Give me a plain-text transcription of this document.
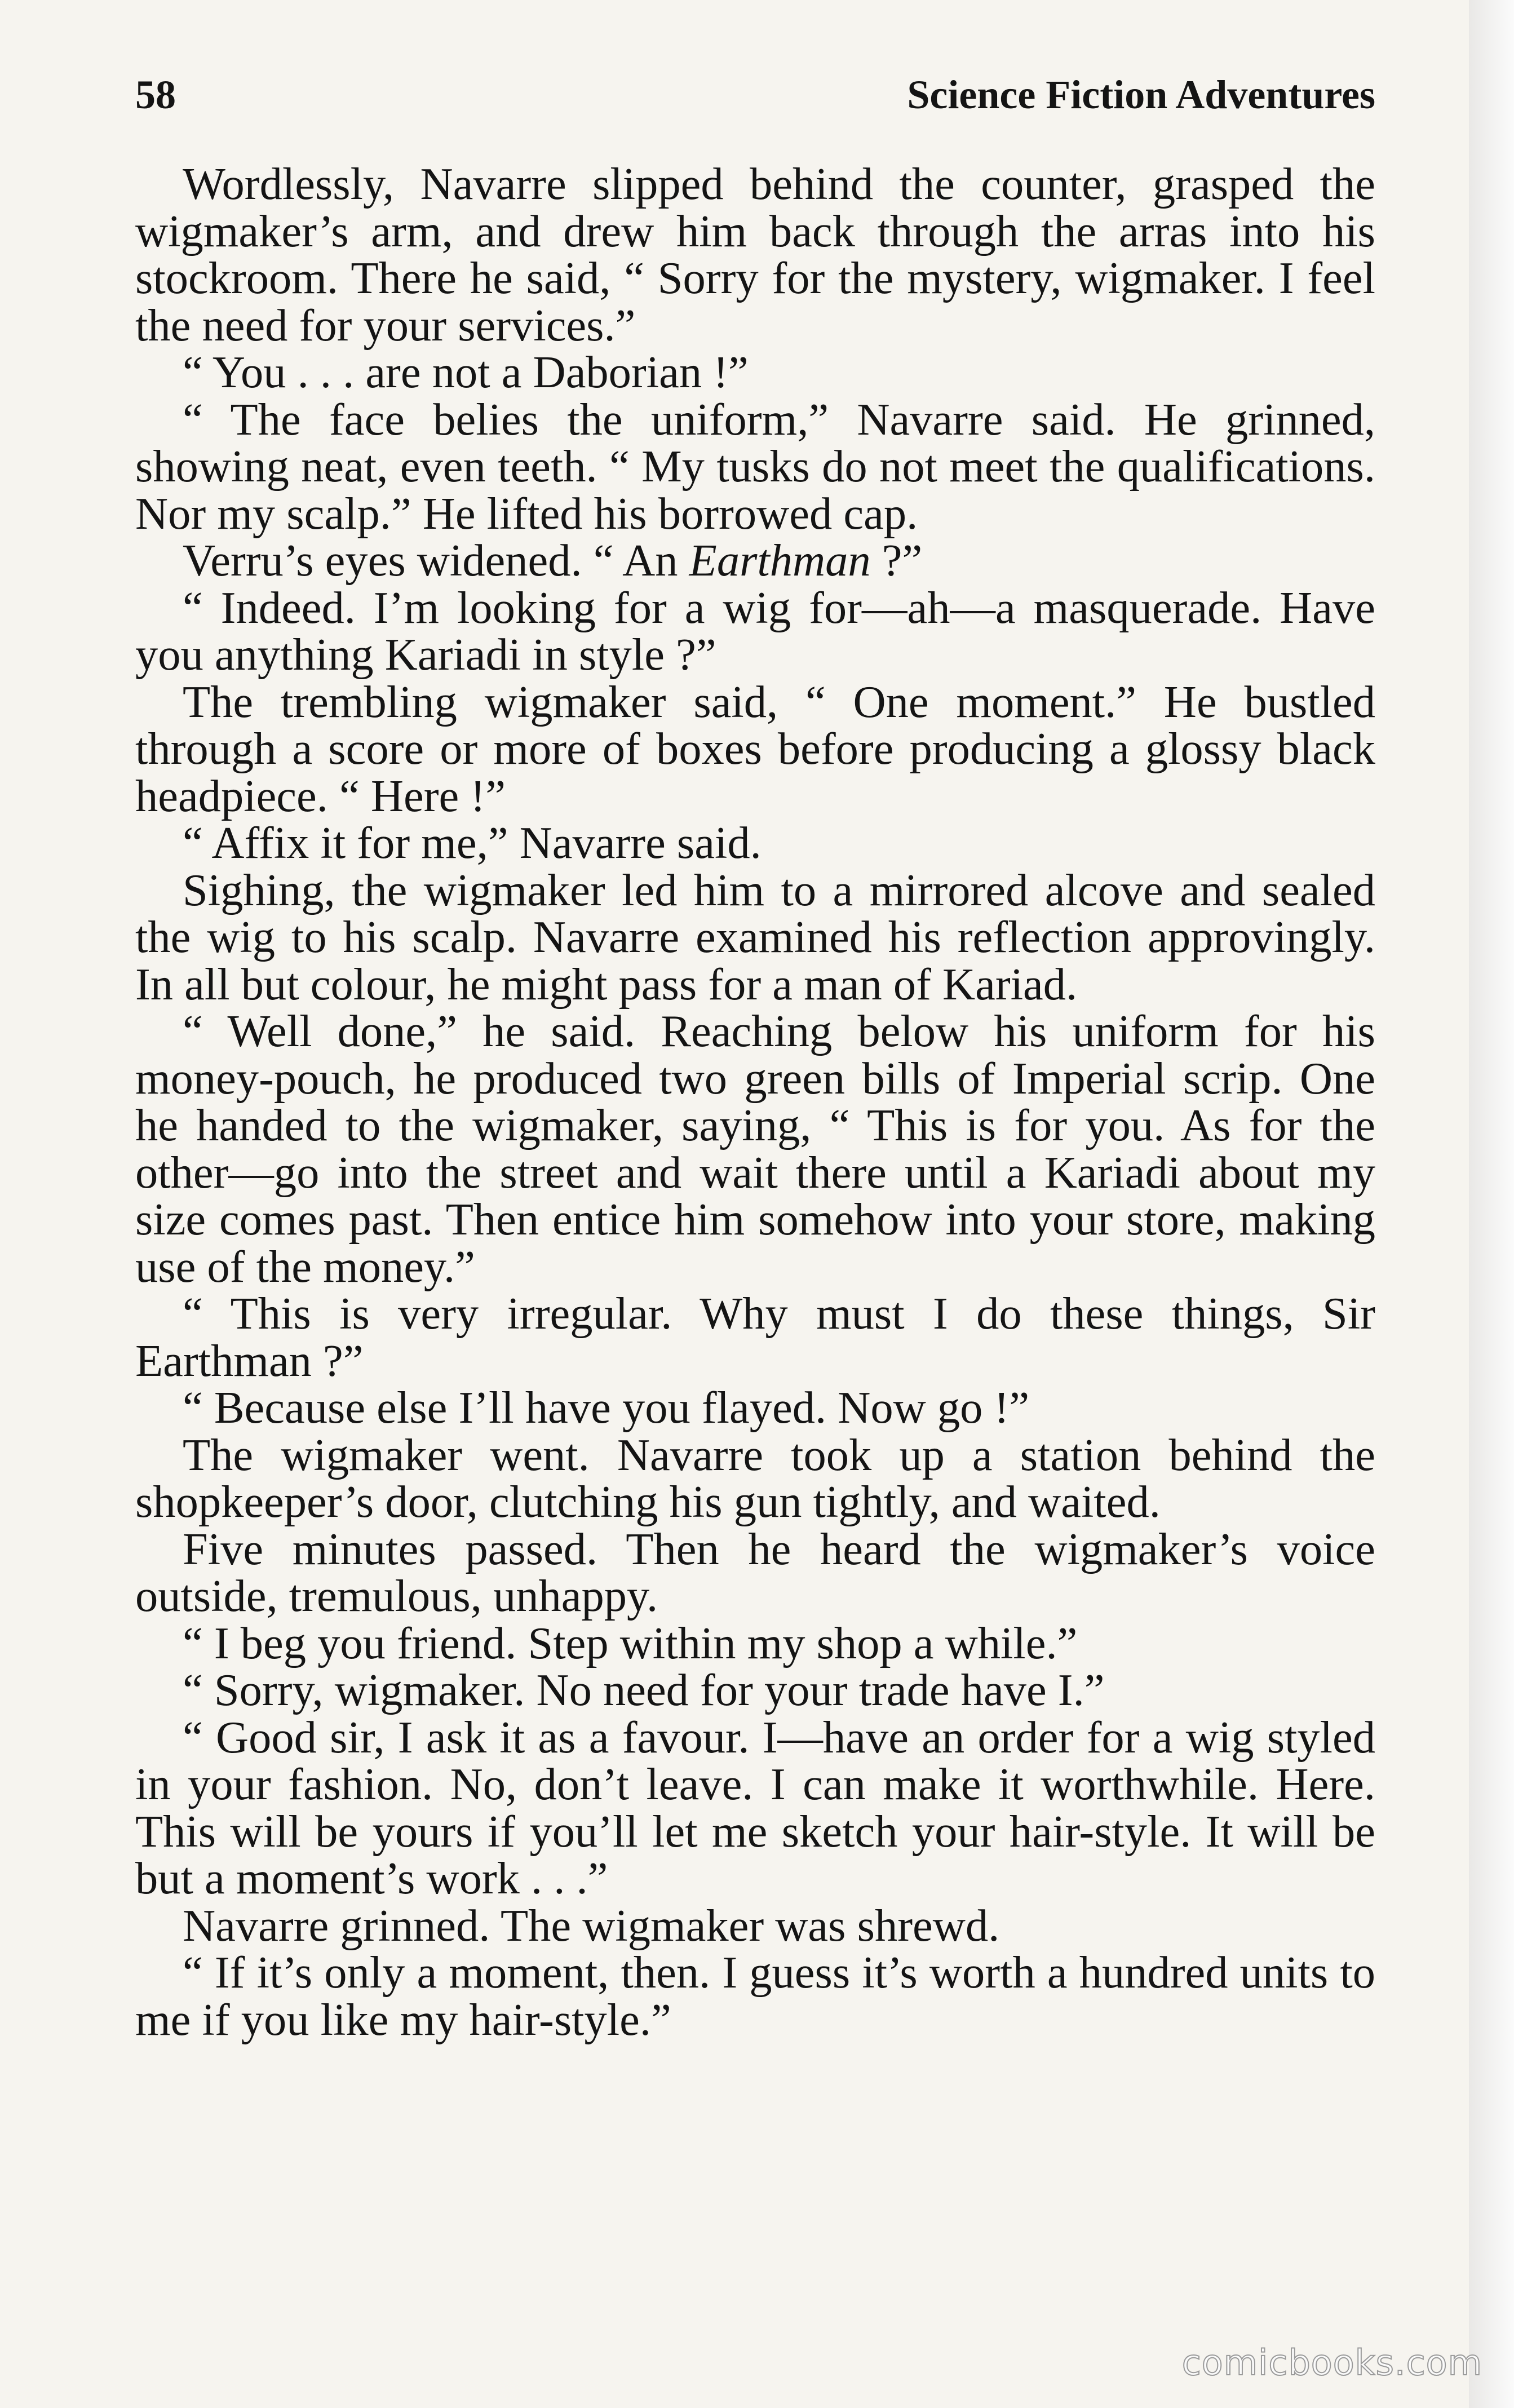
58	Science Fiction Adventures

Wordlessly, Navarre slipped behind the counter, grasped the wigmaker’s arm, and drew him back through the arras into his stockroom. There he said, “ Sorry for the mystery, wigmaker. I feel the need for your services.”

“ You . . . are not a Daborian !”

“ The face belies the uniform,” Navarre said. He grinned, showing neat, even teeth. “ My tusks do not meet the qualifications. Nor my scalp.” He lifted his borrowed cap.

Verru’s eyes widened. “ An Earthman ?”

“ Indeed. I’m looking for a wig for—ah—a masquerade. Have you anything Kariadi in style ?”

The trembling wigmaker said, “ One moment.” He bustled through a score or more of boxes before producing a glossy black headpiece. “ Here !”

“ Affix it for me,” Navarre said.

Sighing, the wigmaker led him to a mirrored alcove and sealed the wig to his scalp. Navarre examined his reflection approvingly. In all but colour, he might pass for a man of Kariad.

“ Well done,” he said. Reaching below his uniform for his money-pouch, he produced two green bills of Imperial scrip. One he handed to the wigmaker, saying, “ This is for you. As for the other—go into the street and wait there until a Kariadi about my size comes past. Then entice him somehow into your store, making use of the money.”

“ This is very irregular. Why must I do these things, Sir Earthman ?”

“ Because else I’ll have you flayed. Now go !”

The wigmaker went. Navarre took up a station behind the shopkeeper’s door, clutching his gun tightly, and waited.

Five minutes passed. Then he heard the wigmaker’s voice outside, tremulous, unhappy.

“ I beg you friend. Step within my shop a while.”

“ Sorry, wigmaker. No need for your trade have I.”

“ Good sir, I ask it as a favour. I—have an order for a wig styled in your fashion. No, don’t leave. I can make it worthwhile. Here. This will be yours if you’ll let me sketch your hair-style. It will be but a moment’s work . . .”

Navarre grinned. The wigmaker was shrewd.

“ If it’s only a moment, then. I guess it’s worth a hundred units to me if you like my hair-style.”

comicbooks.com
